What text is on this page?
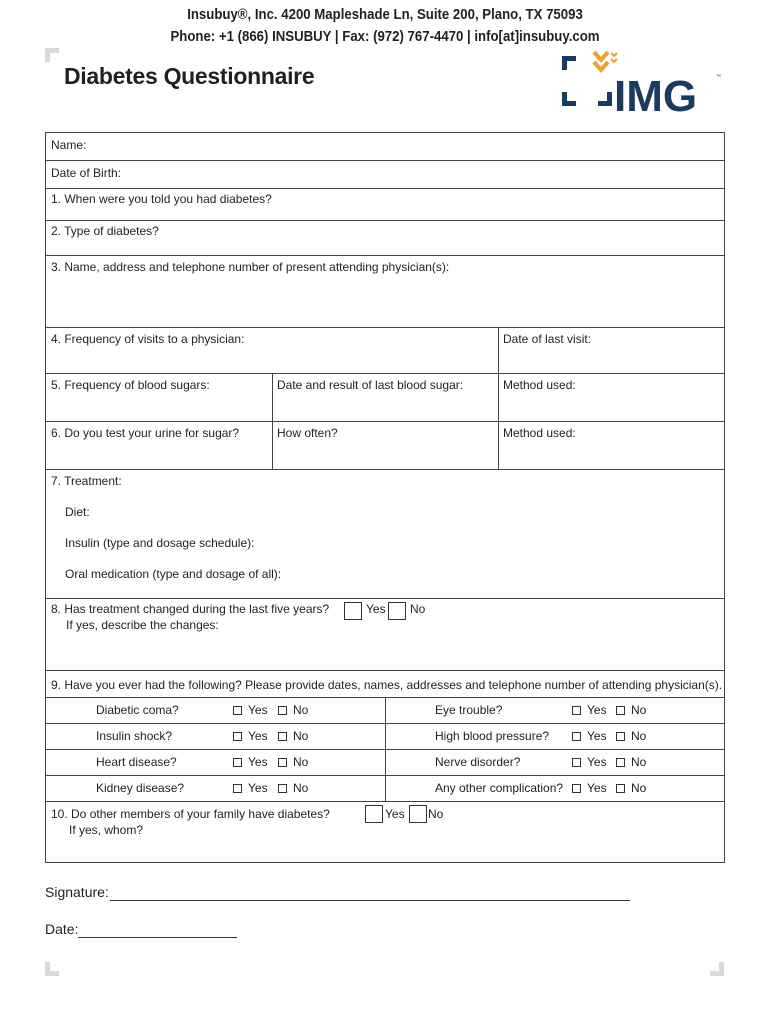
Insubuy®, Inc. 4200 Mapleshade Ln, Suite 200, Plano, TX 75093
Phone: +1 (866) INSUBUY | Fax: (972) 767-4470 | info[at]insubuy.com
Diabetes Questionnaire	IMG	™
Name:
Date of Birth:
1. When were you told you had diabetes?
2. Type of diabetes?
3. Name, address and telephone number of present attending physician(s):
4. Frequency of visits to a physician:	Date of last visit:
5. Frequency of blood sugars:	Date and result of last blood sugar:	Method used:
6. Do you test your urine for sugar?	How often?	Method used:
7. Treatment:
Diet:
Insulin (type and dosage schedule):
Oral medication (type and dosage of all):
8. Has treatment changed during the last five years?
If yes, describe the changes:
Yes No
9. Have you ever had the following? Please provide dates, names, addresses and telephone number of attending physician(s).
Diabetic coma?	Yes	No	Eye trouble?	Yes	No
Insulin shock?	Yes	No	High blood pressure?	Yes	No
Heart disease?	Yes	No	Nerve disorder?	Yes	No
Kidney disease?	Yes	No	Any other complication?	Yes	No
10. Do other members of your family have diabetes?
If yes, whom?
Yes No
Signature:
Date:
